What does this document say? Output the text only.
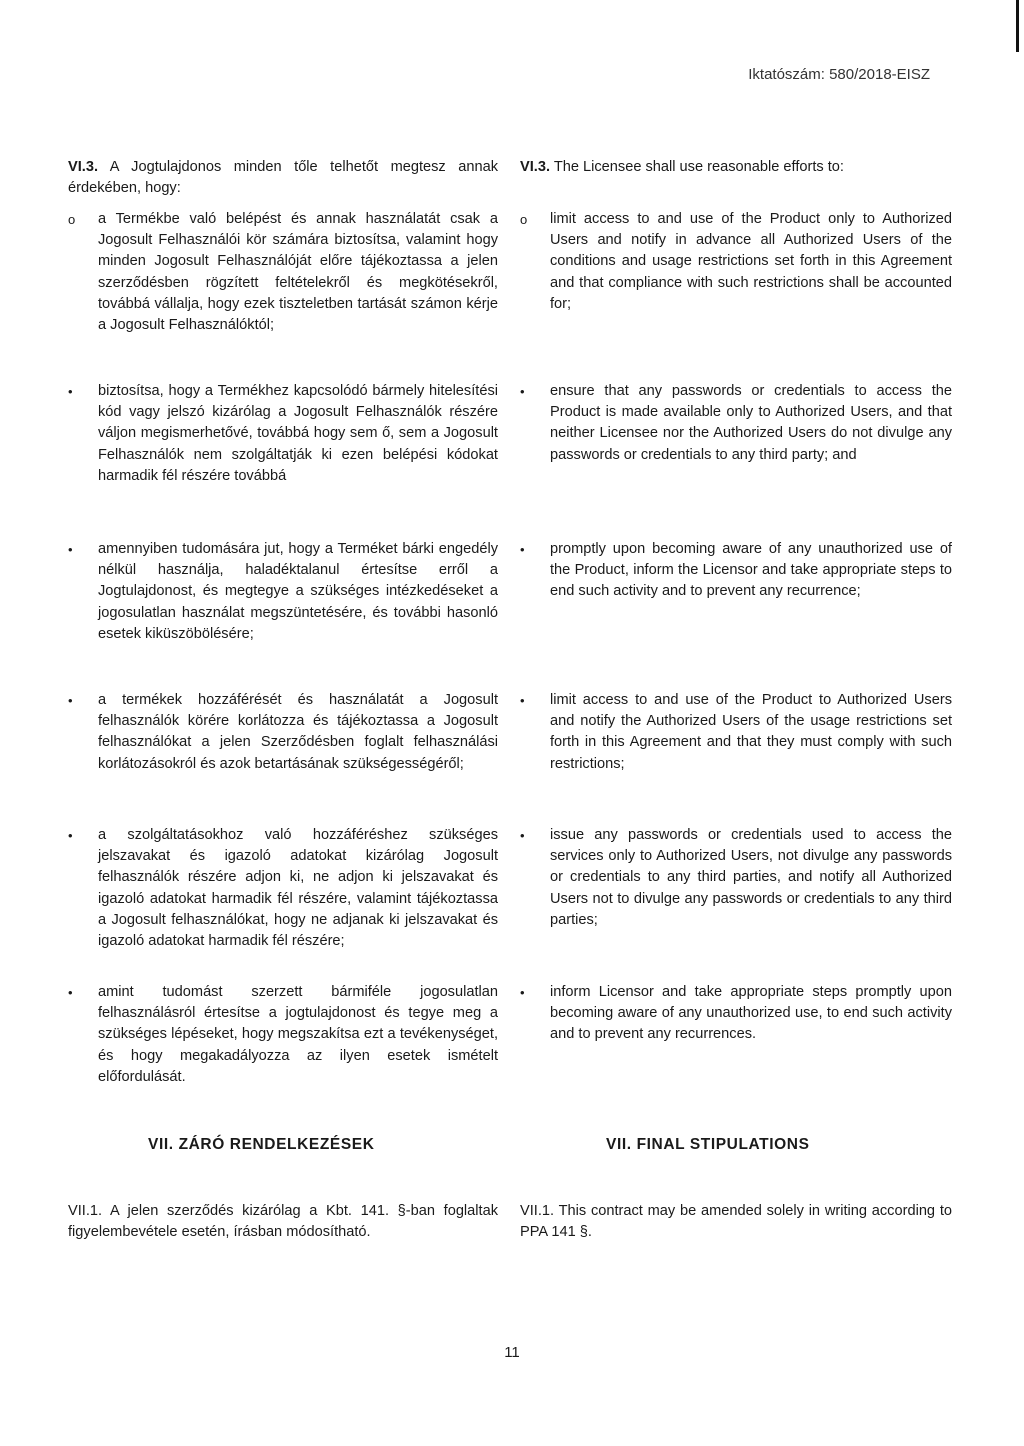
Iktatószám: 580/2018-EISZ

VI.3. A Jogtulajdonos minden tőle telhetőt megtesz annak érdekében, hogy:

o	a Termékbe való belépést és annak használatát csak a Jogosult Felhasználói kör számára biztosítsa, valamint hogy minden Jogosult Felhasználóját előre tájékoztassa a jelen szerződésben rögzített feltételekről és megkötésekről, továbbá vállalja, hogy ezek tiszteletben tartását számon kérje a Jogosult Felhasználóktól;
•	biztosítsa, hogy a Termékhez kapcsolódó bármely hitelesítési kód vagy jelszó kizárólag a Jogosult Felhasználók részére váljon megismerhetővé, továbbá hogy sem ő, sem a Jogosult Felhasználók nem szolgáltatják ki ezen belépési kódokat harmadik fél részére továbbá
•	amennyiben tudomására jut, hogy a Terméket bárki engedély nélkül használja, haladéktalanul értesítse erről a Jogtulajdonost, és megtegye a szükséges intézkedéseket a jogosulatlan használat megszüntetésére, és további hasonló esetek kiküszöbölésére;
•	a termékek hozzáférését és használatát a Jogosult felhasználók körére korlátozza és tájékoztassa a Jogosult felhasználókat a jelen Szerződésben foglalt felhasználási korlátozásokról és azok betartásának szükségességéről;
•	a szolgáltatásokhoz való hozzáféréshez szükséges jelszavakat és igazoló adatokat kizárólag Jogosult felhasználók részére adjon ki, ne adjon ki jelszavakat és igazoló adatokat harmadik fél részére, valamint tájékoztassa a Jogosult felhasználókat, hogy ne adjanak ki jelszavakat és igazoló adatokat harmadik fél részére;
•	amint tudomást szerzett bármiféle jogosulatlan felhasználásról értesítse a jogtulajdonost és tegye meg a szükséges lépéseket, hogy megszakítsa ezt a tevékenységet, és hogy megakadályozza az ilyen esetek ismételt előfordulását.

VI.3. The Licensee shall use reasonable efforts to:

o	limit access to and use of the Product only to Authorized Users and notify in advance all Authorized Users of the conditions and usage restrictions set forth in this Agreement and that compliance with such restrictions shall be accounted for;
•	ensure that any passwords or credentials to access the Product is made available only to Authorized Users, and that neither Licensee nor the Authorized Users do not divulge any passwords or credentials to any third party; and
•	promptly upon becoming aware of any unauthorized use of the Product, inform the Licensor and take appropriate steps to end such activity and to prevent any recurrence;
•	limit access to and use of the Product to Authorized Users and notify the Authorized Users of the usage restrictions set forth in this Agreement and that they must comply with such restrictions;
•	issue any passwords or credentials used to access the services only to Authorized Users, not divulge any passwords or credentials to any third parties, and notify all Authorized Users not to divulge any passwords or credentials to any third parties;
•	inform Licensor and take appropriate steps promptly upon becoming aware of any unauthorized use, to end such activity and to prevent any recurrences.
VII. ZÁRÓ RENDELKEZÉSEK	VII. FINAL STIPULATIONS

VII.1. A jelen szerződés kizárólag a Kbt. 141. §-ban foglaltak figyelembevétele esetén, írásban módosítható.

VII.1. This contract may be amended solely in writing according to PPA 141 §.

11
